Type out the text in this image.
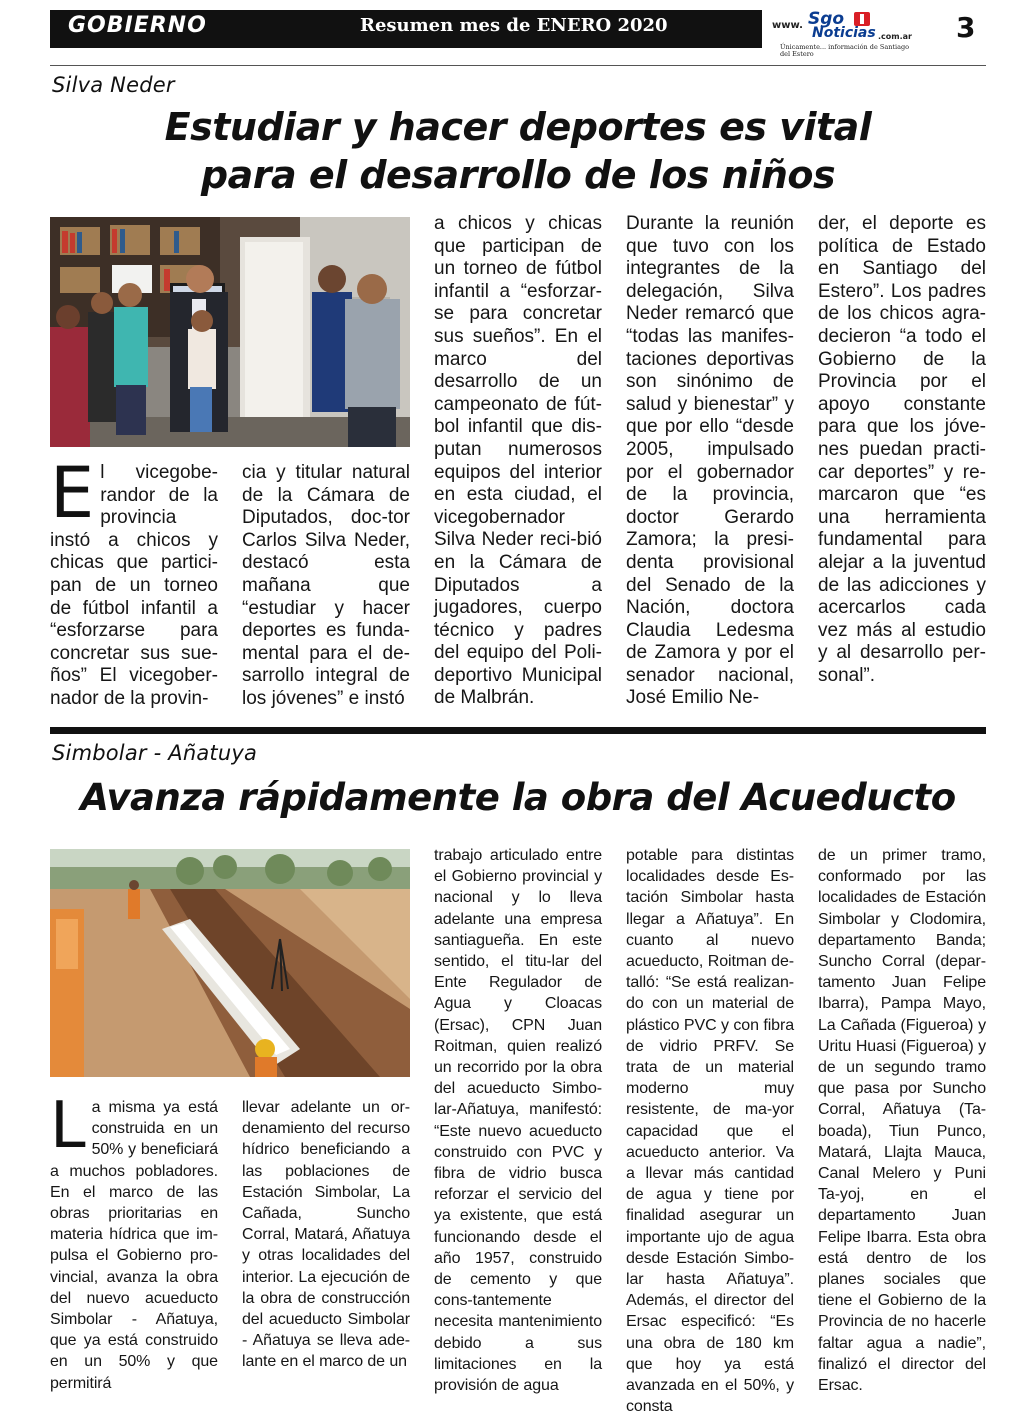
GOBIERNO	Resumen mes de ENERO 2020	www. Sgo
Noticias .com.ar
Únicamente... información de Santiago del Estero
3
Silva Neder
Estudiar y hacer deportes es vital
para el desarrollo de los niños
El vicegobe-randor de la provincia instó a chicos y chicas que partici-pan de un torneo de fútbol infantil a “esforzarse para concretar sus sue-ños” El vicegober-nador de la provin-
cia y titular natural de la Cámara de Diputados, doc-tor Carlos Silva Neder, destacó esta mañana que “estudiar y hacer deportes es funda-mental para el de-sarrollo integral de los jóvenes” e instó
a chicos y chicas que participan de un torneo de fútbol infantil a “esforzar-se para concretar sus sueños”. En el marco del desarrollo de un campeonato de fút-bol infantil que dis-putan numerosos equipos del interior en esta ciudad, el vicegobernador Silva Neder reci-bió en la Cámara de Diputados a jugadores, cuerpo técnico y padres del equipo del Poli-deportivo Municipal de Malbrán.
Durante la reunión que tuvo con los integrantes de la delegación, Silva Neder remarcó que “todas las manifes-taciones deportivas son sinónimo de salud y bienestar” y que por ello “desde 2005, impulsado por el gobernador de la provincia, doctor Gerardo Zamora; la presi-denta provisional del Senado de la Nación, doctora Claudia Ledesma de Zamora y por el senador nacional, José Emilio Ne-
der, el deporte es política de Estado en Santiago del Estero”. Los padres de los chicos agra-decieron “a todo el Gobierno de la Provincia por el apoyo constante para que los jóve-nes puedan practi-car deportes” y re-marcaron que “es una herramienta fundamental para alejar a la juventud de las adicciones y acercarlos cada vez más al estudio y al desarrollo per-sonal”.
Simbolar - Añatuya
Avanza rápidamente la obra del Acueducto
La misma ya está construida en un 50% y beneficiará a muchos pobladores. En el marco de las obras prioritarias en materia hídrica que im-pulsa el Gobierno pro-vincial, avanza la obra del nuevo acueducto Simbolar - Añatuya, que ya está construido en un 50% y que permitirá
llevar adelante un or-denamiento del recurso hídrico beneficiando a las poblaciones de Estación Simbolar, La Cañada, Suncho Corral, Matará, Añatuya y otras localidades del interior. La ejecución de la obra de construcción del acueducto Simbolar - Añatuya se lleva ade-lante en el marco de un
trabajo articulado entre el Gobierno provincial y nacional y lo lleva adelante una empresa santiagueña. En este sentido, el titu-lar del Ente Regulador de Agua y Cloacas (Ersac), CPN Juan Roitman, quien realizó un recorrido por la obra del acueducto Simbo-lar-Añatuya, manifestó: “Este nuevo acueducto construido con PVC y fibra de vidrio busca reforzar el servicio del ya existente, que está funcionando desde el año 1957, construido de cemento y que cons-tantemente necesita mantenimiento debido a sus limitaciones en la provisión de agua
potable para distintas localidades desde Es-tación Simbolar hasta llegar a Añatuya”. En cuanto al nuevo acueducto, Roitman de-talló: “Se está realizan-do con un material de plástico PVC y con fibra de vidrio PRFV. Se trata de un material moderno muy resistente, de ma-yor capacidad que el acueducto anterior. Va a llevar más cantidad de agua y tiene por finalidad asegurar un importante ujo de agua desde Estación Simbo-lar hasta Añatuya”. Además, el director del Ersac especificó: “Es una obra de 180 km que hoy ya está avanzada en el 50%, y consta
de un primer tramo, conformado por las localidades de Estación Simbolar y Clodomira, departamento Banda; Suncho Corral (depar-tamento Juan Felipe Ibarra), Pampa Mayo, La Cañada (Figueroa) y Uritu Huasi (Figueroa) y de un segundo tramo que pasa por Suncho Corral, Añatuya (Ta-boada), Tiun Punco, Matará, Llajta Mauca, Canal Melero y Puni Ta-yoj, en el departamento Juan Felipe Ibarra. Esta obra está dentro de los planes sociales que tiene el Gobierno de la Provincia de no hacerle faltar agua a nadie”, finalizó el director del Ersac.
